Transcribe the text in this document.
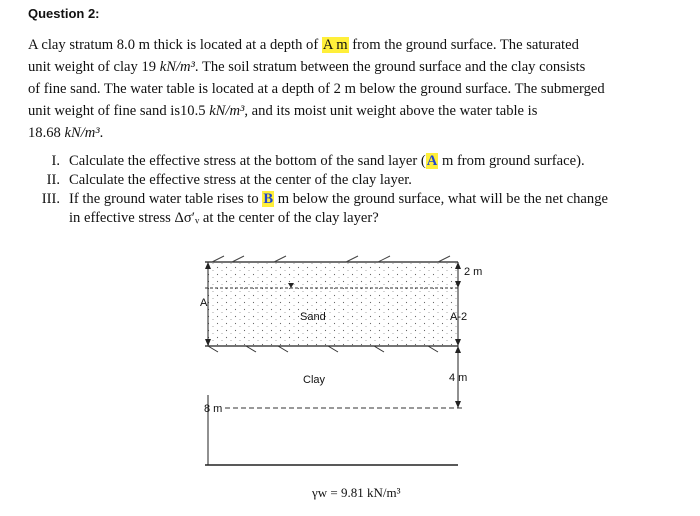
Question 2:
A clay stratum 8.0 m thick is located at a depth of A m from the ground surface. The saturated
unit weight of clay 19 kN/m³. The soil stratum between the ground surface and the clay consists
of fine sand. The water table is located at a depth of 2 m below the ground surface. The submerged
unit weight of fine sand is10.5 kN/m³, and its moist unit weight above the water table is
18.68 kN/m³.
I. Calculate the effective stress at the bottom of the sand layer (A m from ground surface).
II. Calculate the effective stress at the center of the clay layer.
III. If the ground water table rises to B m below the ground surface, what will be the net change
in effective stress Δσ′ᵥ at the center of the clay layer?
2 m
A
Sand	A-2
Clay	4 m
8 m
γw = 9.81 kN/m³
